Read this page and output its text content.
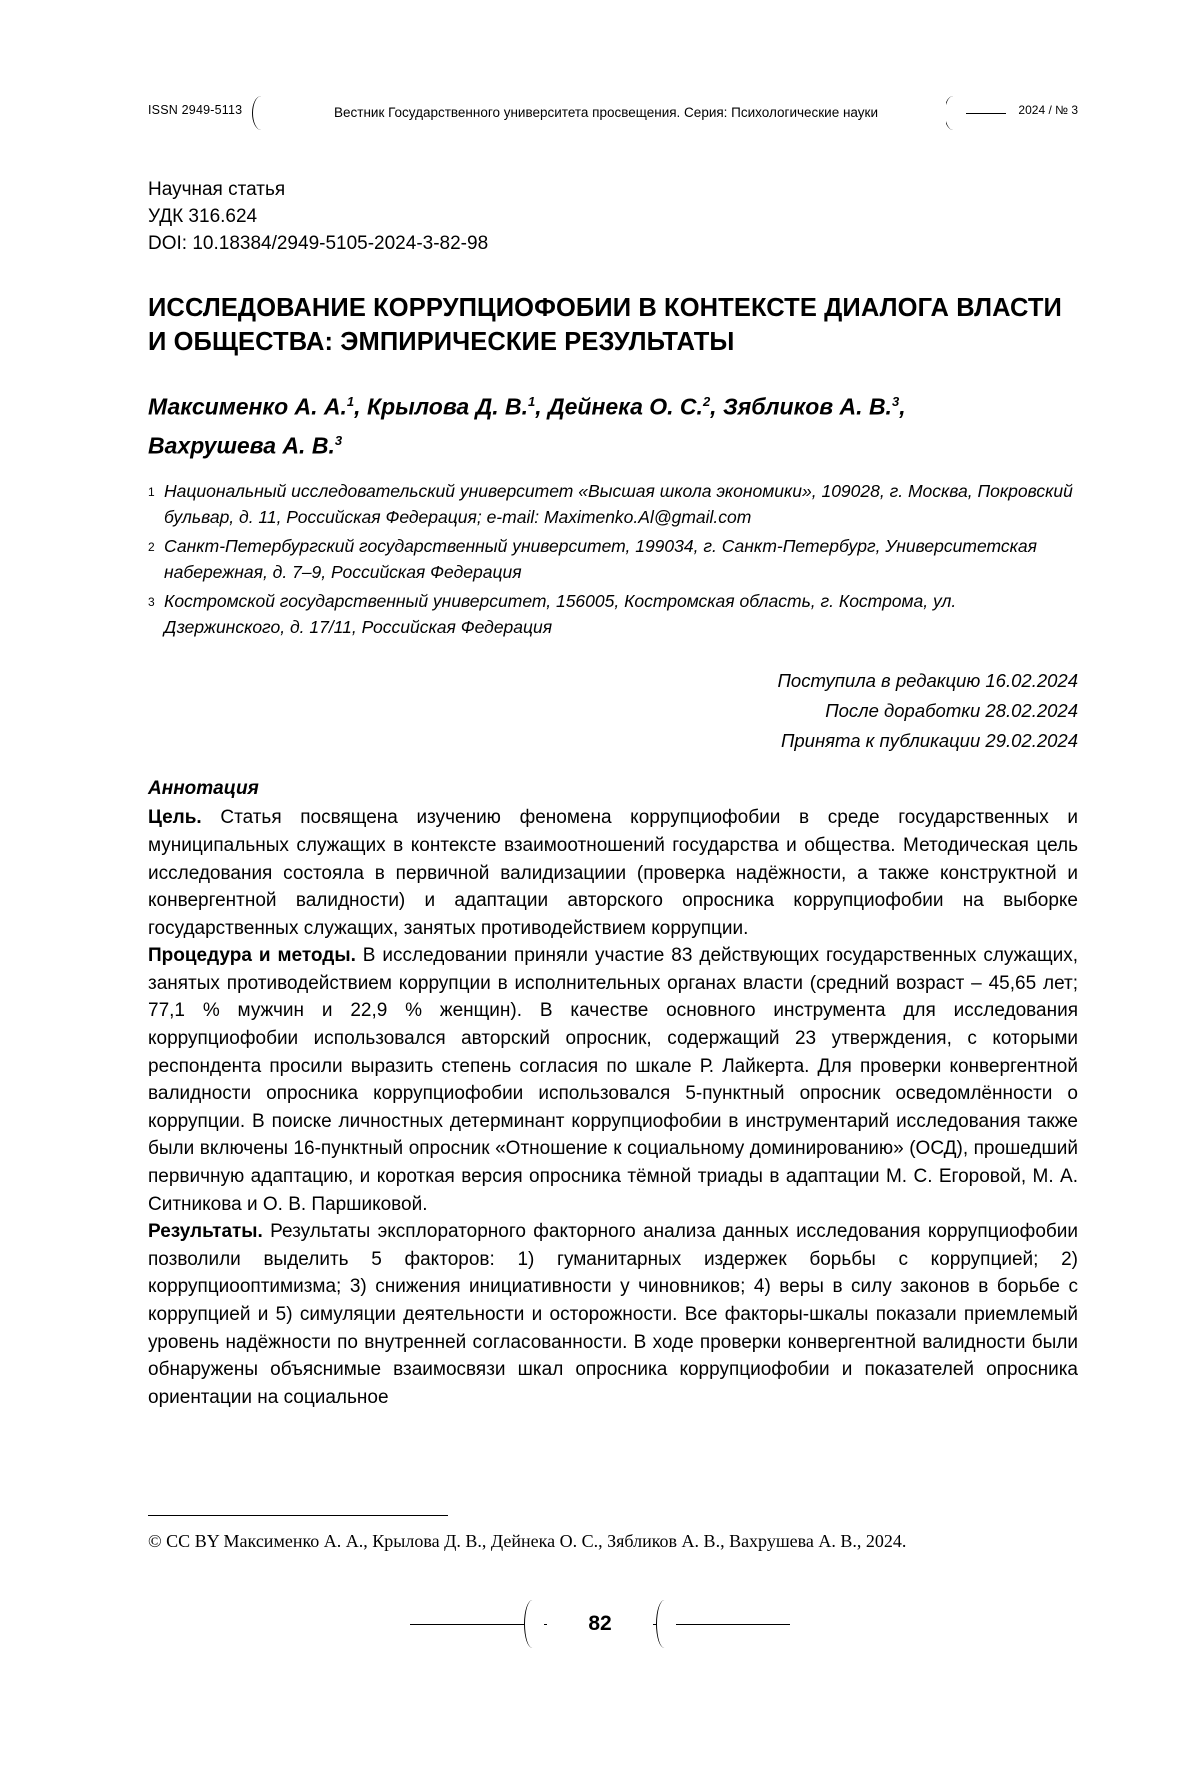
ISSN 2949-5113	Вестник Государственного университета просвещения. Серия: Психологические науки	2024 / № 3
Научная статья
УДК 316.624
DOI: 10.18384/2949-5105-2024-3-82-98
ИССЛЕДОВАНИЕ КОРРУПЦИОФОБИИ В КОНТЕКСТЕ ДИАЛОГА ВЛАСТИ И ОБЩЕСТВА: ЭМПИРИЧЕСКИЕ РЕЗУЛЬТАТЫ
Максименко А. А.$^1$, Крылова Д. В.$^1$, Дейнека О. С.$^2$, Зябликов А. В.$^3$,
Вахрушева А. В.$^3$
1 Национальный исследовательский университет «Высшая школа экономики», 109028, г. Москва, Покровский бульвар, д. 11, Российская Федерация; e-mail: Maximenko.Al@gmail.com
2 Санкт-Петербургский государственный университет, 199034, г. Санкт-Петербург, Университетская набережная, д. 7–9, Российская Федерация
3 Костромской государственный университет, 156005, Костромская область, г. Кострома, ул. Дзержинского, д. 17/11, Российская Федерация
Поступила в редакцию 16.02.2024
После доработки 28.02.2024
Принята к публикации 29.02.2024
Аннотация

Цель. Статья посвящена изучению феномена коррупциофобии в среде государственных и муниципальных служащих в контексте взаимоотношений государства и общества. Методическая цель исследования состояла в первичной валидизациии (проверка надёжности, а также конструктной и конвергентной валидности) и адаптации авторского опросника коррупциофобии на выборке государственных служащих, занятых противодействием коррупции.

Процедура и методы. В исследовании приняли участие 83 действующих государственных служащих, занятых противодействием коррупции в исполнительных органах власти (средний возраст – 45,65 лет; 77,1 % мужчин и 22,9 % женщин). В качестве основного инструмента для исследования коррупциофобии использовался авторский опросник, содержащий 23 утверждения, с которыми респондента просили выразить степень согласия по шкале Р. Лайкерта. Для проверки конвергентной валидности опросника коррупциофобии использовался 5-пунктный опросник осведомлённости о коррупции. В поиске личностных детерминант коррупциофобии в инструментарий исследования также были включены 16-пунктный опросник «Отношение к социальному доминированию» (ОСД), прошедший первичную адаптацию, и короткая версия опросника тёмной триады в адаптации М. С. Егоровой, М. А. Ситникова и О. В. Паршиковой.

Результаты. Результаты эксплораторного факторного анализа данных исследования коррупциофобии позволили выделить 5 факторов: 1) гуманитарных издержек борьбы с коррупцией; 2) коррупциооптимизма; 3) снижения инициативности у чиновников; 4) веры в силу законов в борьбе с коррупцией и 5) симуляции деятельности и осторожности. Все факторы-шкалы показали приемлемый уровень надёжности по внутренней согласованности. В ходе проверки конвергентной валидности были обнаружены объяснимые взаимосвязи шкал опросника коррупциофобии и показателей опросника ориентации на социальное

© CC BY Максименко А. А., Крылова Д. В., Дейнека О. С., Зябликов А. В., Вахрушева А. В., 2024.
82
